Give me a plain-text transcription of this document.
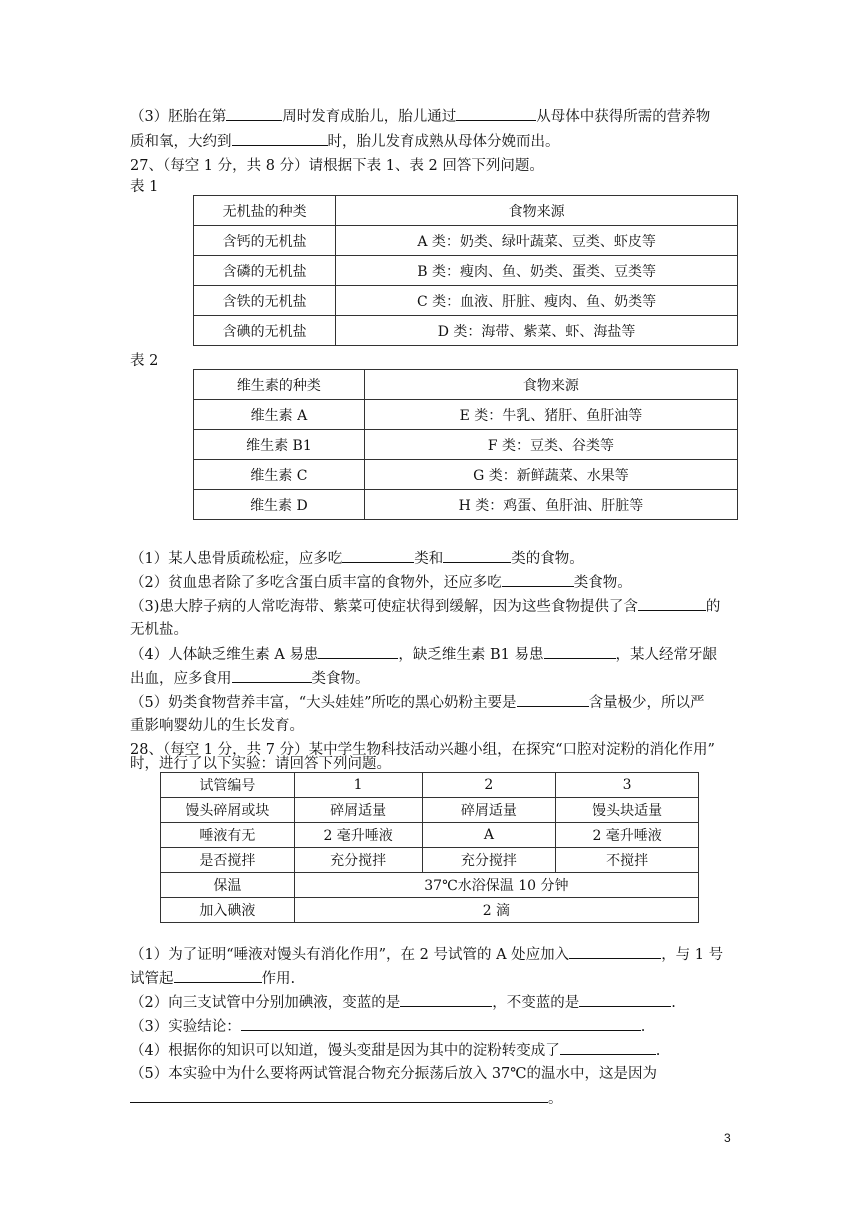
（3）胚胎在第	周时发育成胎儿，胎儿通过	从母体中获得所需的营养物
质和氧，大约到	时，胎儿发育成熟从母体分娩而出。
27、（每空 1 分，共 8 分）请根据下表 1、表 2 回答下列问题。
表 1
无机盐的种类	食物来源
含钙的无机盐	A 类：奶类、绿叶蔬菜、豆类、虾皮等
含磷的无机盐	B 类：瘦肉、鱼、奶类、蛋类、豆类等
含铁的无机盐	C 类：血液、肝脏、瘦肉、鱼、奶类等
含碘的无机盐	D 类：海带、紫菜、虾、海盐等
表 2
维生素的种类	食物来源
维生素 A	E 类：牛乳、猪肝、鱼肝油等
维生素 B1	F 类：豆类、谷类等
维生素 C	G 类：新鲜蔬菜、水果等
维生素 D	H 类：鸡蛋、鱼肝油、肝脏等
（1）某人患骨质疏松症，应多吃	类和	类的食物。
（2）贫血患者除了多吃含蛋白质丰富的食物外，还应多吃	类食物。
（3)患大脖子病的人常吃海带、紫菜可使症状得到缓解，因为这些食物提供了含	的
无机盐。
（4）人体缺乏维生素 A 易患	，缺乏维生素 B1 易患	，某人经常牙龈
出血，应多食用	类食物。
（5）奶类食物营养丰富，“大头娃娃”所吃的黑心奶粉主要是	含量极少，所以严
重影响婴幼儿的生长发育。
28、（每空 1 分，共 7 分）某中学生物科技活动兴趣小组，在探究“口腔对淀粉的消化作用”
时，进行了以下实验：请回答下列问题。
试管编号	1	2	3
馒头碎屑或块	碎屑适量	碎屑适量	馒头块适量
唾液有无	2 毫升唾液	A	2 毫升唾液
是否搅拌	充分搅拌	充分搅拌	不搅拌
保温	37℃水浴保温 10 分钟		
加入碘液	2 滴		
（1）为了证明“唾液对馒头有消化作用”，在 2 号试管的 A 处应加入	，与 1 号
试管起	作用.
（2）向三支试管中分别加碘液，变蓝的是	，不变蓝的是	.
（3）实验结论：	.
（4）根据你的知识可以知道，馒头变甜是因为其中的淀粉转变成了	.
（5）本实验中为什么要将两试管混合物充分振荡后放入 37℃的温水中，这是因为
。
3
